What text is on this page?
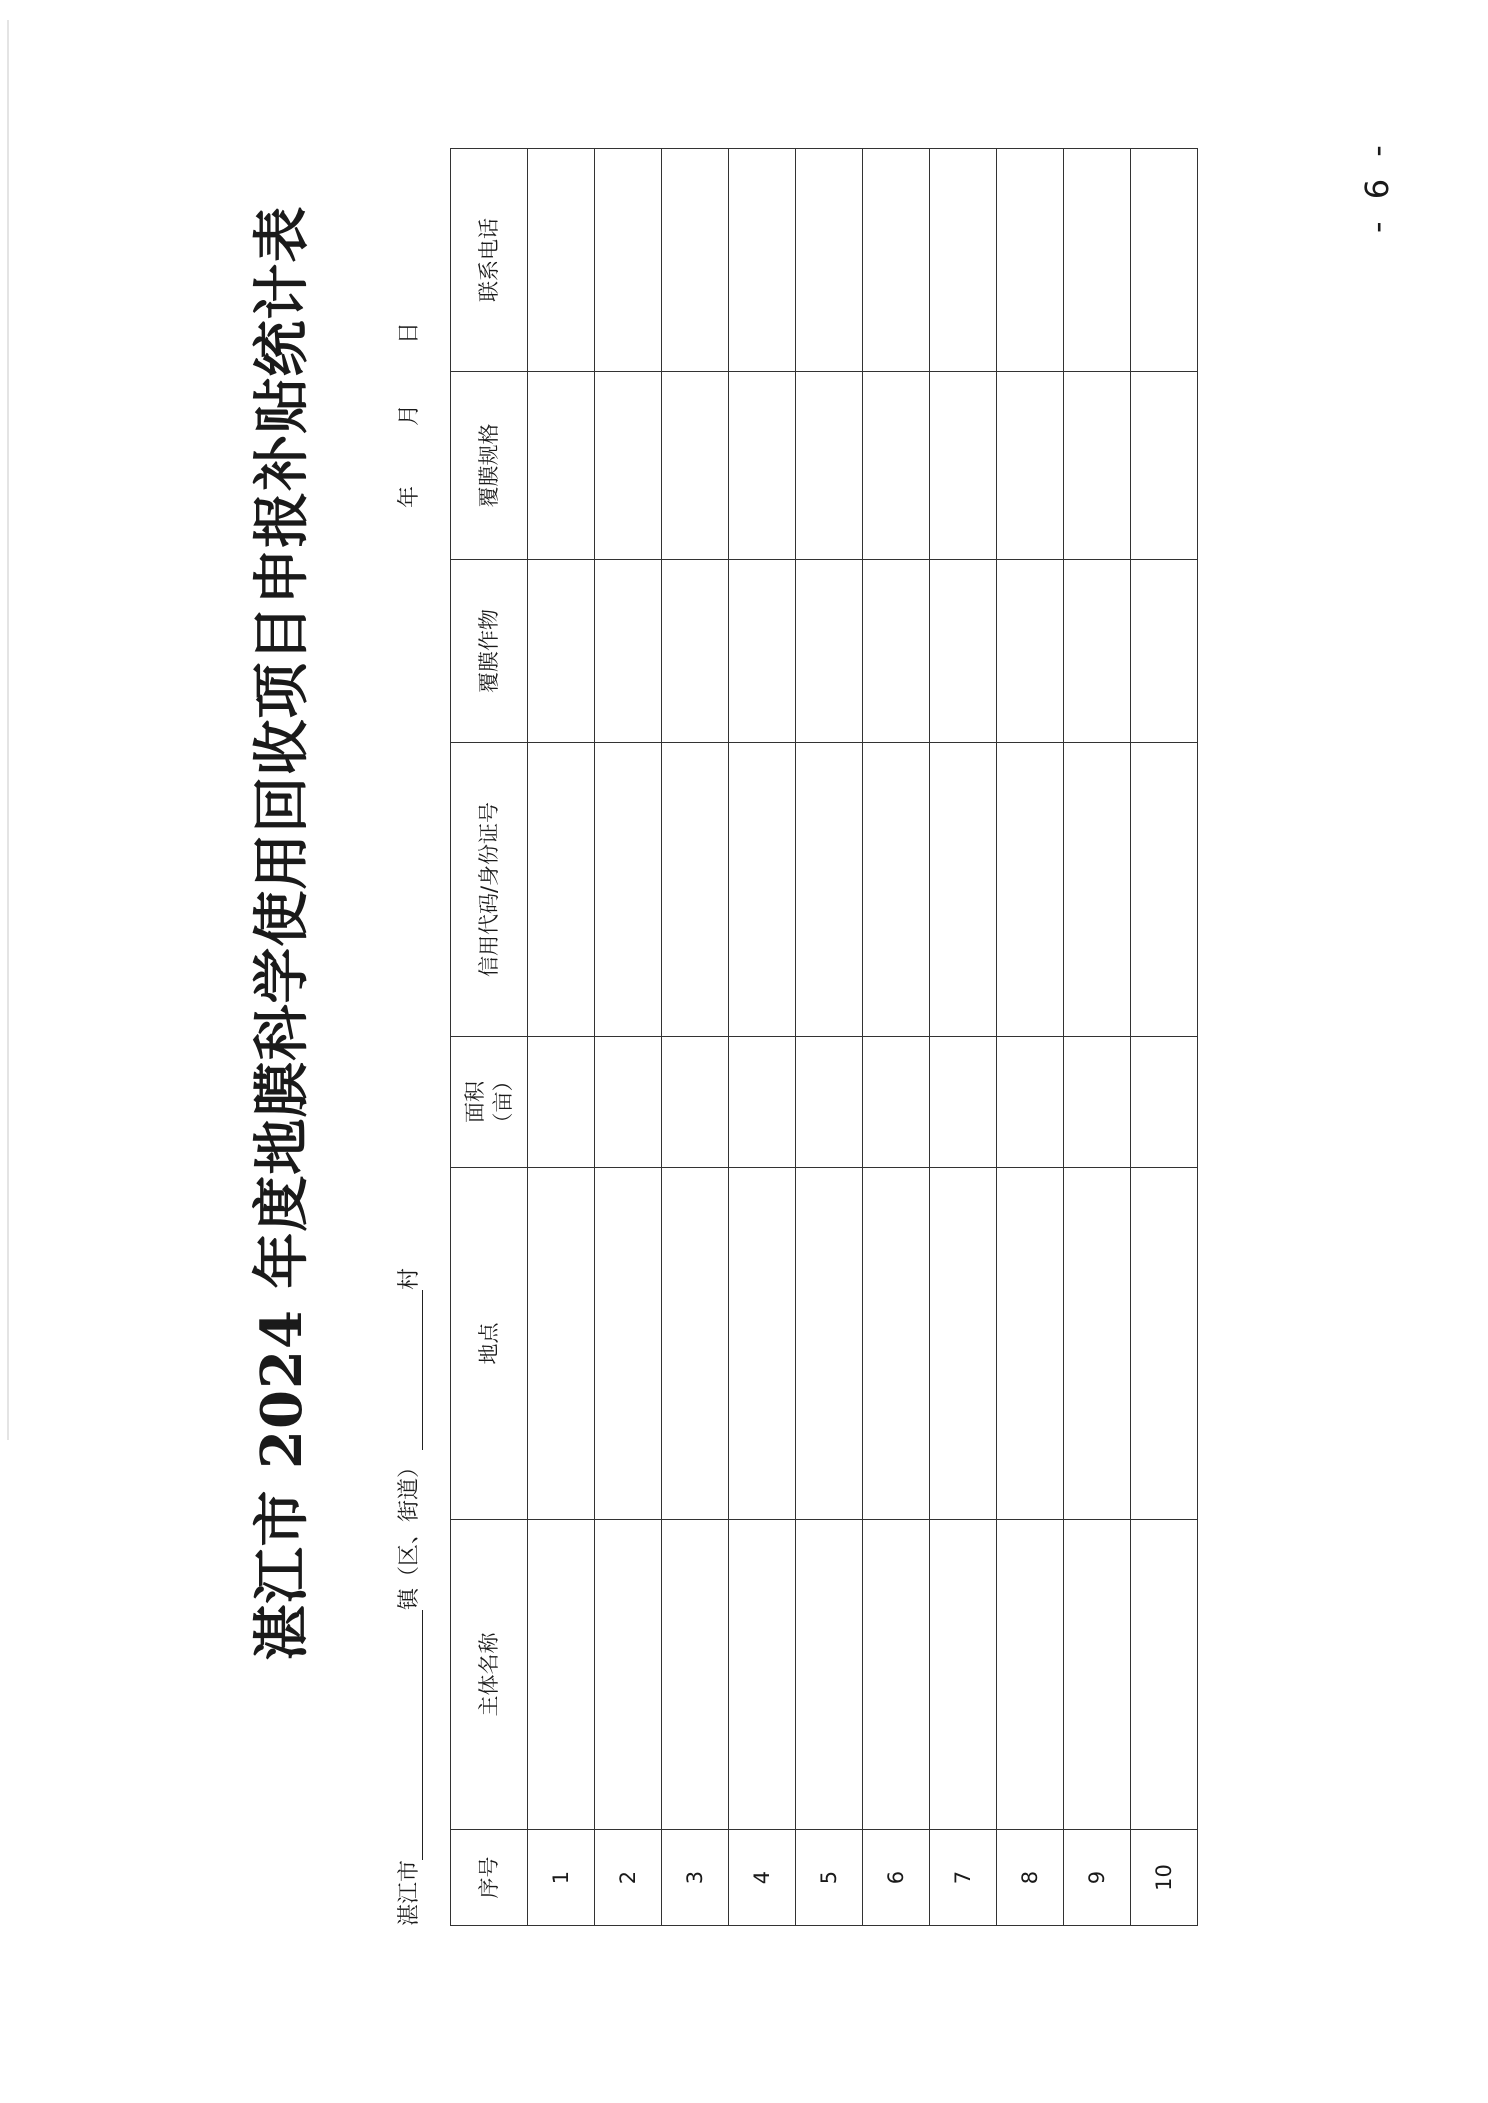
湛江市 2024 年度地膜科学使用回收项目申报补贴统计表
湛江市镇（区、街道）村
年月日
序号	主体名称	地点	面积 （亩）	信用代码/身份证号	覆膜作物	覆膜规格	联系电话
1							
2							
3							
4							
5							
6							
7							
8							
9							
10							
- 6 -
